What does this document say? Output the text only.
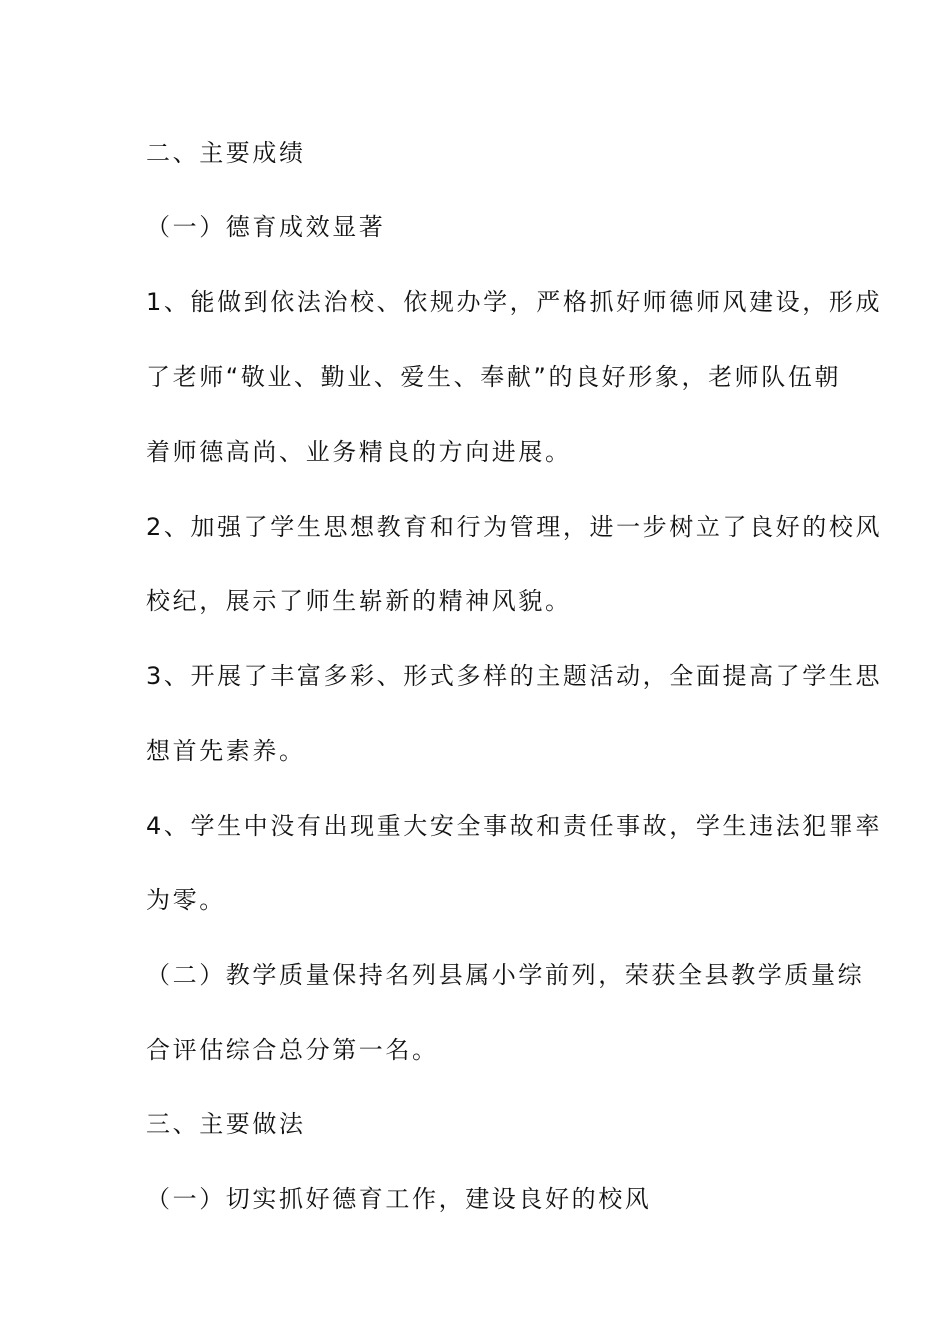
二、主要成绩
（一）德育成效显著
1、能做到依法治校、依规办学，严格抓好师德师风建设，形成
了老师“敬业、勤业、爱生、奉献”的良好形象，老师队伍朝
着师德高尚、业务精良的方向进展。
2、加强了学生思想教育和行为管理，进一步树立了良好的校风
校纪，展示了师生崭新的精神风貌。
3、开展了丰富多彩、形式多样的主题活动，全面提高了学生思
想首先素养。
4、学生中没有出现重大安全事故和责任事故，学生违法犯罪率
为零。
（二）教学质量保持名列县属小学前列，荣获全县教学质量综
合评估综合总分第一名。
三、主要做法
（一）切实抓好德育工作，建设良好的校风
